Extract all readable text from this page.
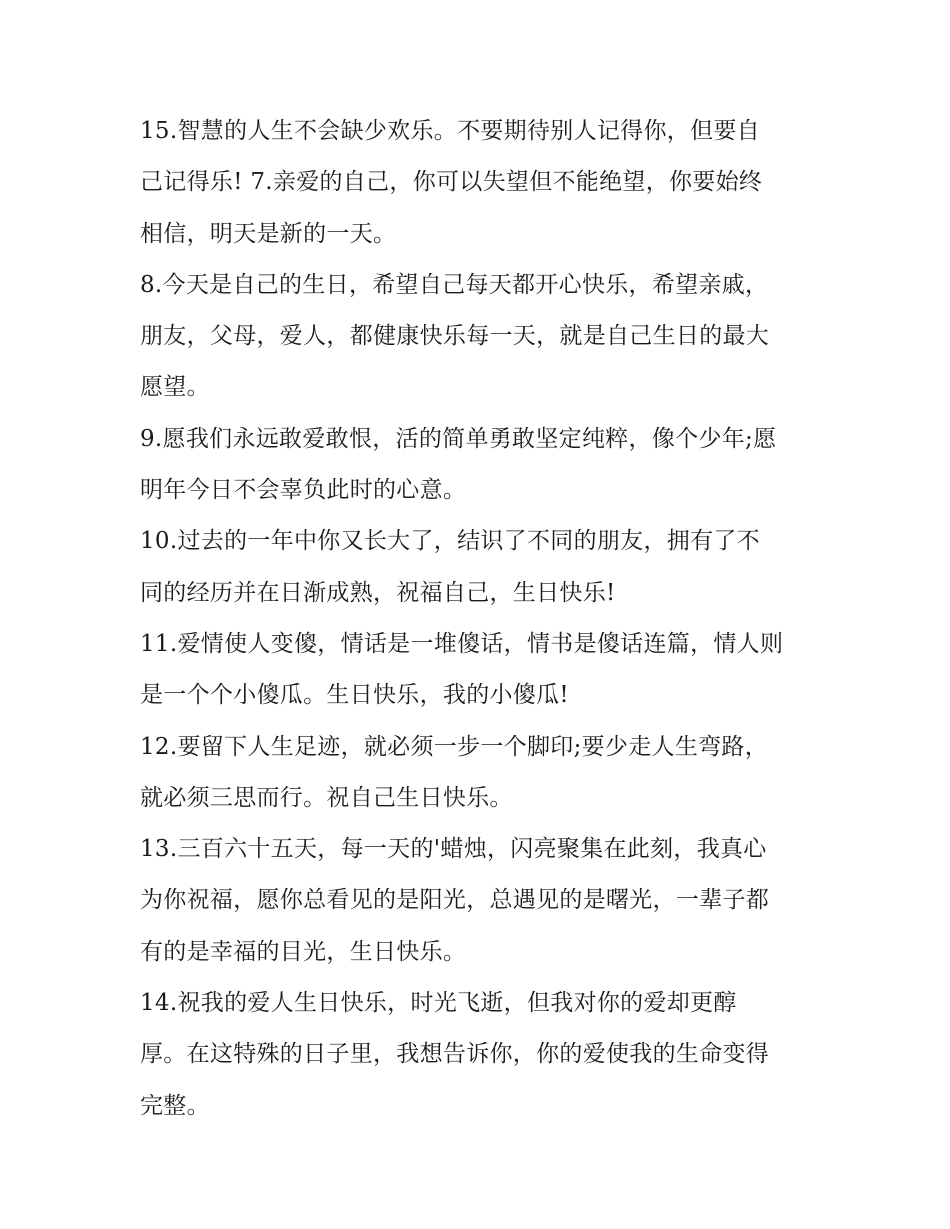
15.智慧的人生不会缺少欢乐。不要期待别人记得你，但要自
己记得乐! 7.亲爱的自己，你可以失望但不能绝望，你要始终
相信，明天是新的一天。
8.今天是自己的生日，希望自己每天都开心快乐，希望亲戚，
朋友，父母，爱人，都健康快乐每一天，就是自己生日的最大
愿望。
9.愿我们永远敢爱敢恨，活的简单勇敢坚定纯粹，像个少年;愿
明年今日不会辜负此时的心意。
10.过去的一年中你又长大了，结识了不同的朋友，拥有了不
同的经历并在日渐成熟，祝福自己，生日快乐!
11.爱情使人变傻，情话是一堆傻话，情书是傻话连篇，情人则
是一个个小傻瓜。生日快乐，我的小傻瓜!
12.要留下人生足迹，就必须一步一个脚印;要少走人生弯路，
就必须三思而行。祝自己生日快乐。
13.三百六十五天，每一天的'蜡烛，闪亮聚集在此刻，我真心
为你祝福，愿你总看见的是阳光，总遇见的是曙光，一辈子都
有的是幸福的目光，生日快乐。
14.祝我的爱人生日快乐，时光飞逝，但我对你的爱却更醇
厚。在这特殊的日子里，我想告诉你，你的爱使我的生命变得
完整。
